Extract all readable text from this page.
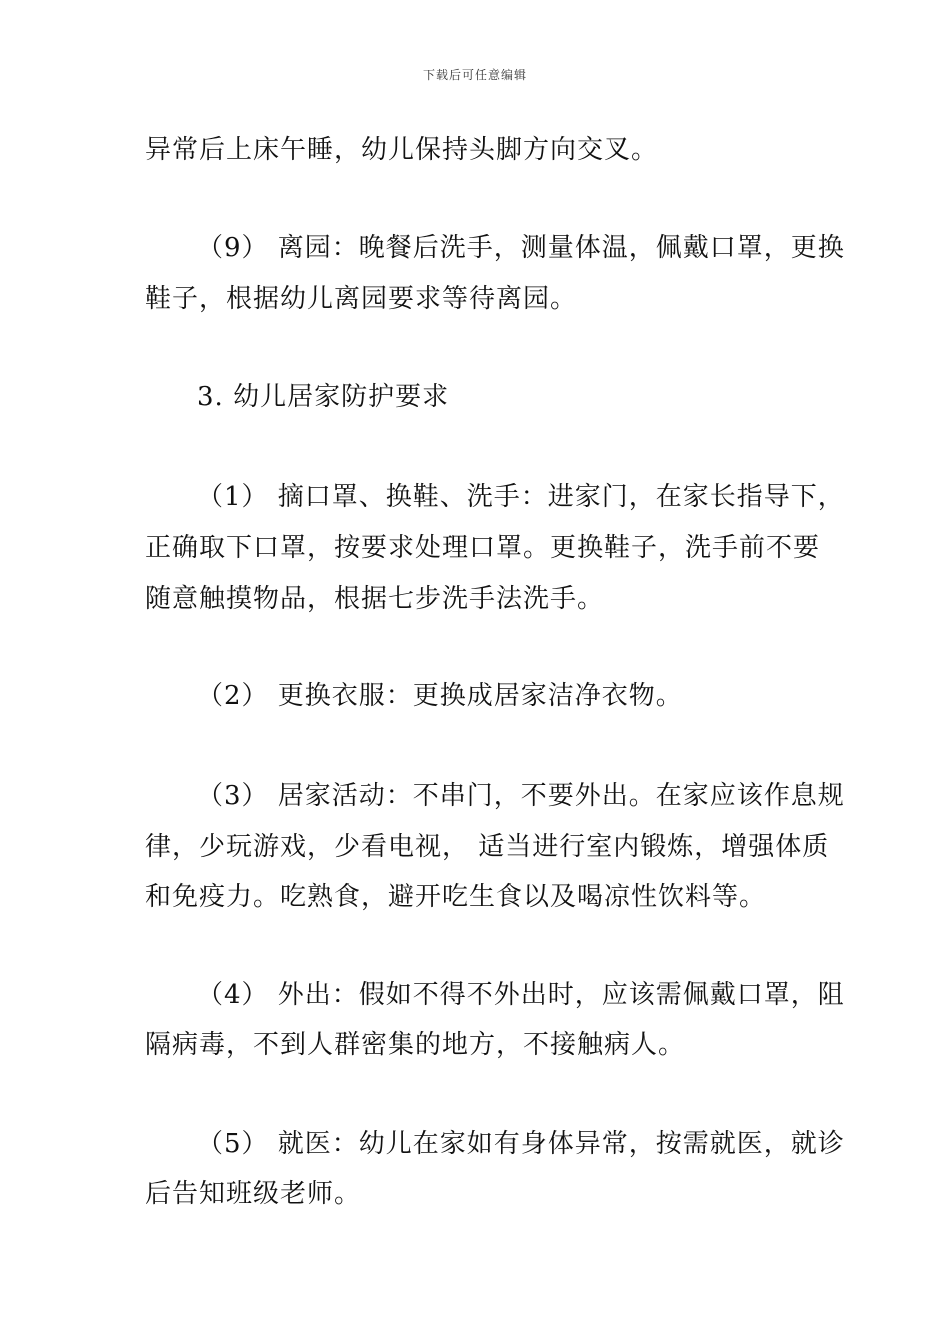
下载后可任意编辑
异常后上床午睡，幼儿保持头脚方向交叉。
（9） 离园：晚餐后洗手，测量体温，佩戴口罩，更换
鞋子，根据幼儿离园要求等待离园。
3. 幼儿居家防护要求
（1） 摘口罩、换鞋、洗手：进家门，在家长指导下，
正确取下口罩，按要求处理口罩。更换鞋子，洗手前不要
随意触摸物品，根据七步洗手法洗手。
（2） 更换衣服：更换成居家洁净衣物。
（3） 居家活动：不串门，不要外出。在家应该作息规
律，少玩游戏，少看电视， 适当进行室内锻炼，增强体质
和免疫力。吃熟食，避开吃生食以及喝凉性饮料等。
（4） 外出：假如不得不外出时，应该需佩戴口罩，阻
隔病毒，不到人群密集的地方，不接触病人。
（5） 就医：幼儿在家如有身体异常，按需就医，就诊
后告知班级老师。
